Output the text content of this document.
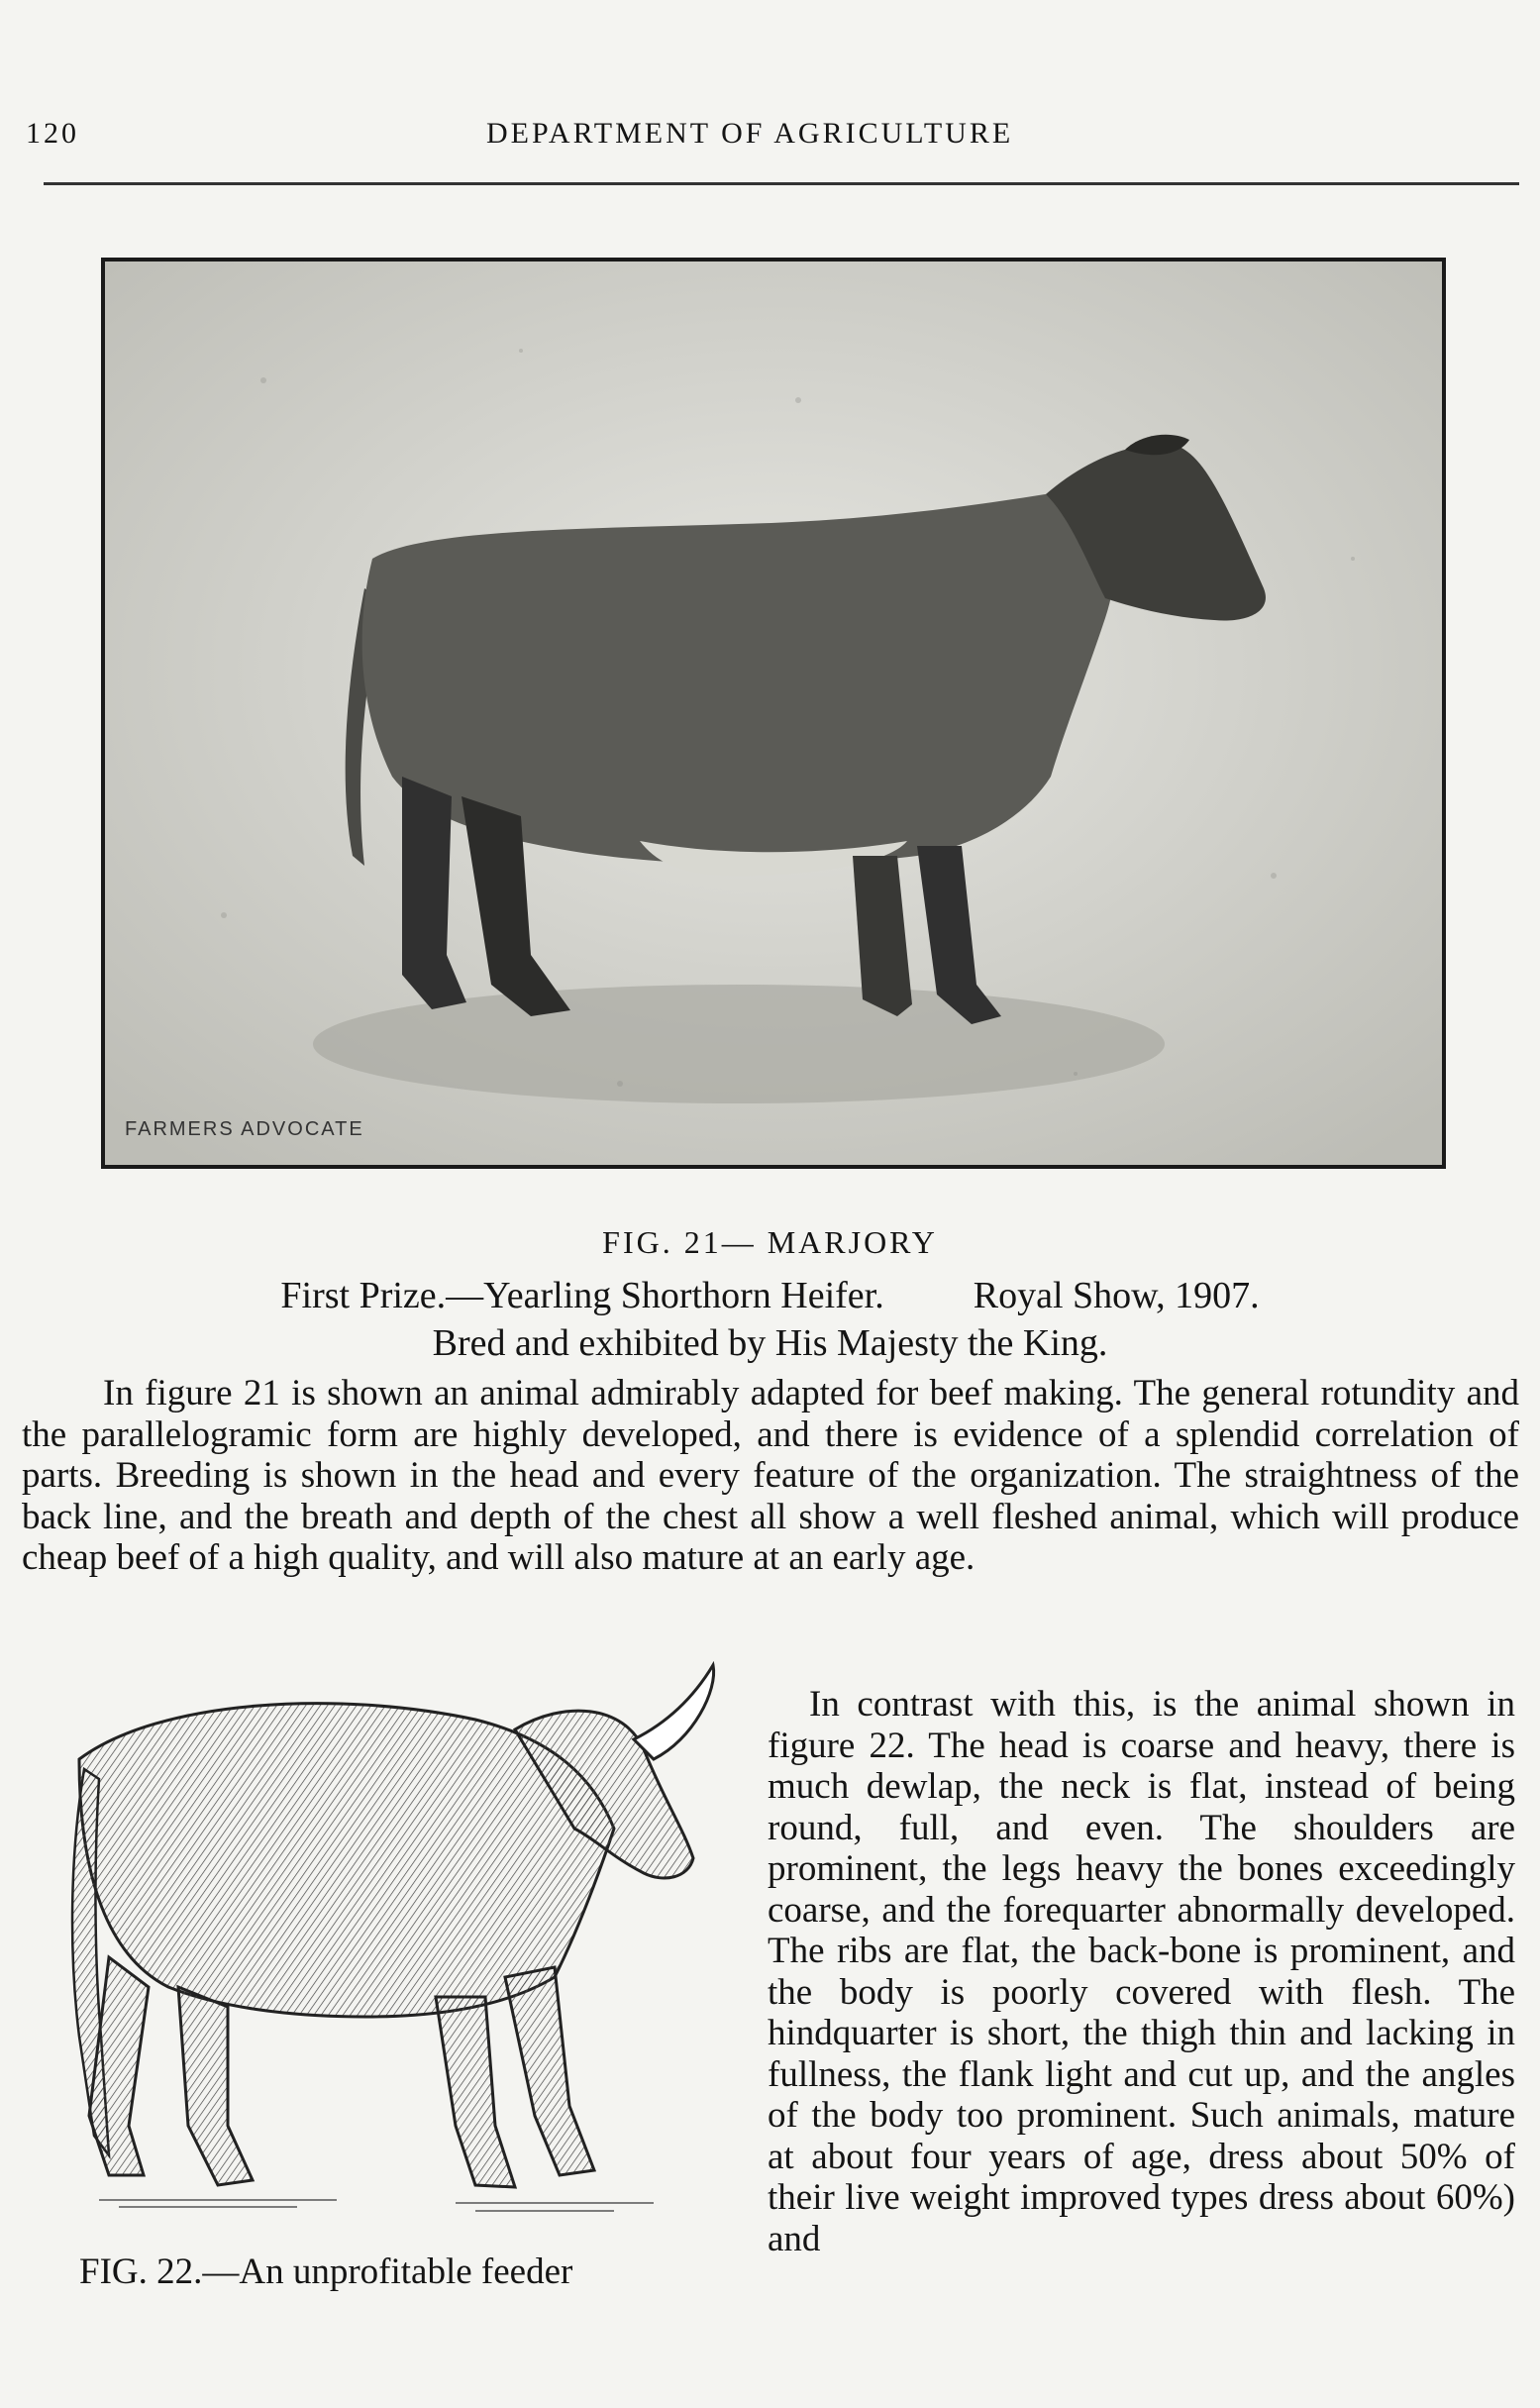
120	DEPARTMENT OF AGRICULTURE
FARMERS ADVOCATE
FIG. 21— MARJORY
First Prize.—Yearling Shorthorn Heifer. Royal Show, 1907.
Bred and exhibited by His Majesty the King.

In figure 21 is shown an animal admirably adapted for beef making. The general rotundity and the parallelogramic form are highly developed, and there is evidence of a splendid correlation of parts. Breeding is shown in the head and every feature of the organization. The straightness of the back line, and the breath and depth of the chest all show a well fleshed animal, which will produce cheap beef of a high quality, and will also mature at an early age.

FIG. 22.—An unprofitable feeder

In contrast with this, is the animal shown in figure 22. The head is coarse and heavy, there is much dewlap, the neck is flat, instead of being round, full, and even. The shoulders are prominent, the legs heavy the bones exceedingly coarse, and the forequarter abnormally developed. The ribs are flat, the back-bone is prominent, and the body is poorly covered with flesh. The hindquarter is short, the thigh thin and lacking in fullness, the flank light and cut up, and the angles of the body too prominent. Such animals, mature at about four years of age, dress about 50% of their live weight improved types dress about 60%) and
